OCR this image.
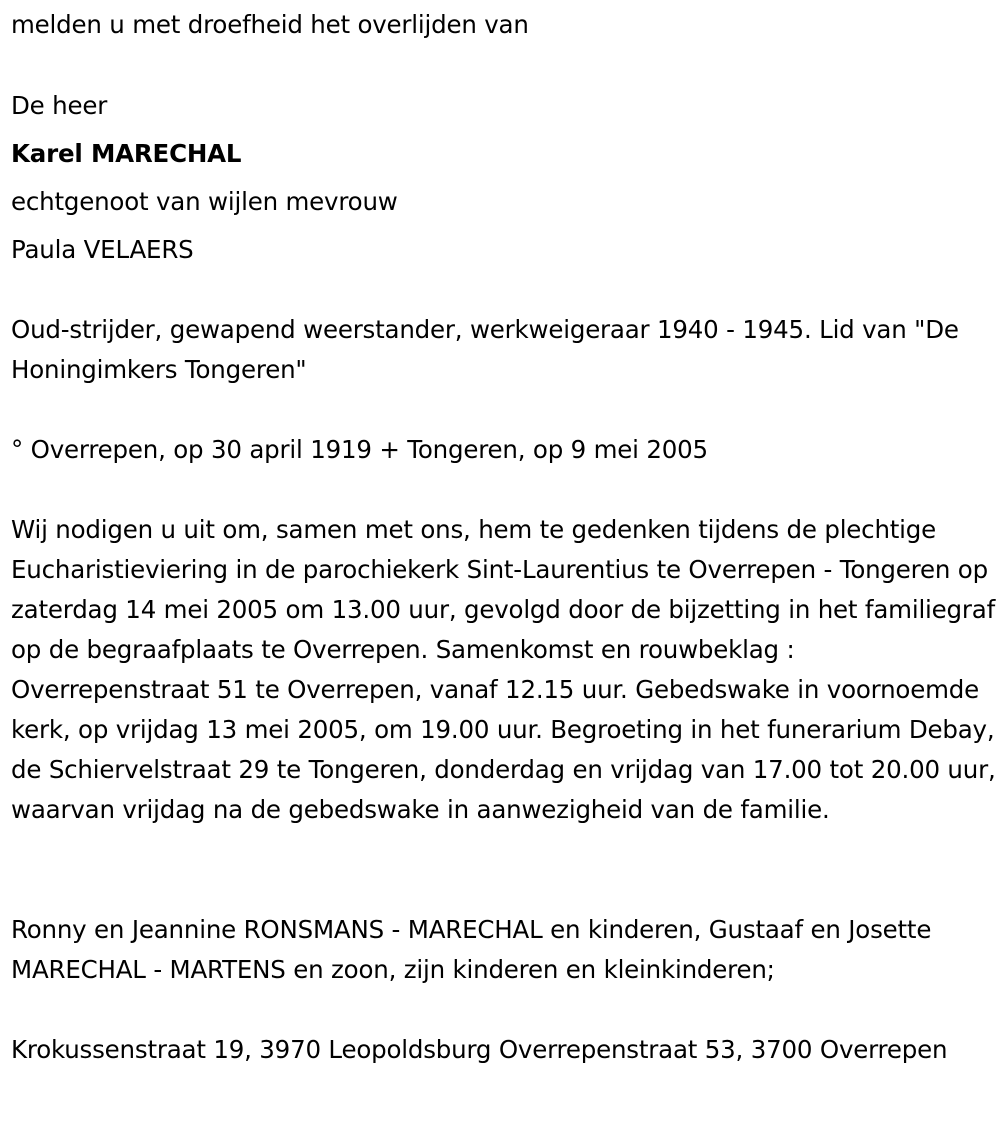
melden u met droefheid het overlijden van
De heer
Karel MARECHAL
echtgenoot van wijlen mevrouw
Paula VELAERS

Oud-strijder, gewapend weerstander, werkweigeraar 1940 - 1945. Lid van "De Honingimkers Tongeren"

° Overrepen, op 30 april 1919 + Tongeren, op 9 mei 2005

Wij nodigen u uit om, samen met ons, hem te gedenken tijdens de plechtige Eucharistieviering in de parochiekerk Sint-Laurentius te Overrepen - Tongeren op zaterdag 14 mei 2005 om 13.00 uur, gevolgd door de bijzetting in het familiegraf op de begraafplaats te Overrepen. Samenkomst en rouwbeklag : Overrepenstraat 51 te Overrepen, vanaf 12.15 uur. Gebedswake in voornoemde kerk, op vrijdag 13 mei 2005, om 19.00 uur. Begroeting in het funerarium Debay, de Schiervelstraat 29 te Tongeren, donderdag en vrijdag van 17.00 tot 20.00 uur, waarvan vrijdag na de gebedswake in aanwezigheid van de familie.

Ronny en Jeannine RONSMANS - MARECHAL en kinderen, Gustaaf en Josette MARECHAL - MARTENS en zoon, zijn kinderen en kleinkinderen;

Krokussenstraat 19, 3970 Leopoldsburg Overrepenstraat 53, 3700 Overrepen
